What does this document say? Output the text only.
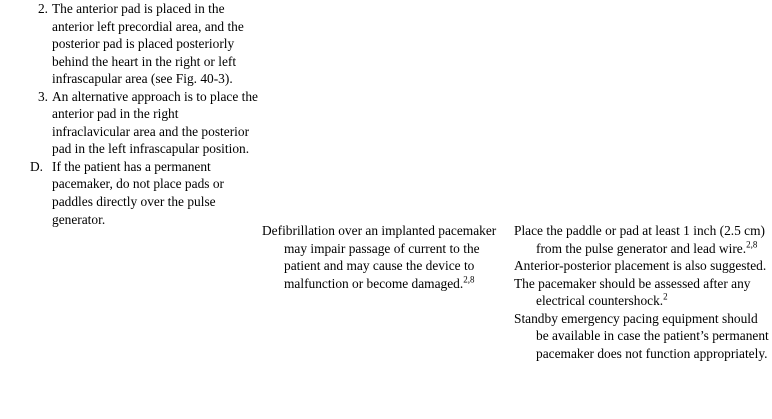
2. The anterior pad is placed in the anterior left precordial area, and the posterior pad is placed posteriorly behind the heart in the right or left infrascapular area (see Fig. 40-3).
3. An alternative approach is to place the anterior pad in the right infraclavicular area and the posterior pad in the left infrascapular position.
D. If the patient has a permanent pacemaker, do not place pads or paddles directly over the pulse generator.

Defibrillation over an implanted pacemaker may impair passage of current to the patient and may cause the device to malfunction or become damaged.$^{2,8}$

Place the paddle or pad at least 1 inch (2.5 cm) from the pulse generator and lead wire.$^{2,8}$

Anterior-posterior placement is also suggested.

The pacemaker should be assessed after any electrical countershock.$^2$

Standby emergency pacing equipment should be available in case the patient’s permanent pacemaker does not function appropriately.
